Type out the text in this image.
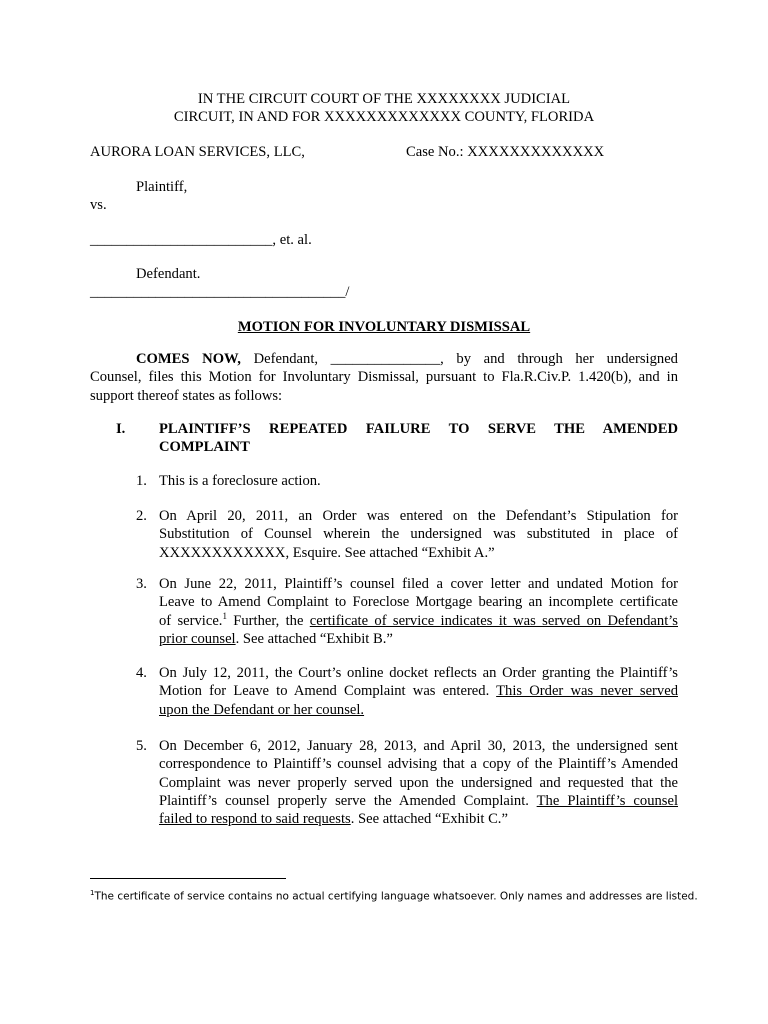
IN THE CIRCUIT COURT OF THE XXXXXXXX JUDICIAL
CIRCUIT, IN AND FOR XXXXXXXXXXXXX COUNTY, FLORIDA
AURORA LOAN SERVICES, LLC,	Case No.: XXXXXXXXXXXXX
Plaintiff,
vs.
_________________________, et. al.
Defendant.
___________________________________/
MOTION FOR INVOLUNTARY DISMISSAL
COMES NOW, Defendant, _______________, by and through her undersigned
Counsel, files this Motion for Involuntary Dismissal, pursuant to Fla.R.Civ.P. 1.420(b), and in
support thereof states as follows:
I. PLAINTIFF’S REPEATED FAILURE TO SERVE THE AMENDED
COMPLAINT
1. This is a foreclosure action.
2. On April 20, 2011, an Order was entered on the Defendant’s Stipulation for
Substitution of Counsel wherein the undersigned was substituted in place of
XXXXXXXXXXXX, Esquire. See attached “Exhibit A.”
3. On June 22, 2011, Plaintiff’s counsel filed a cover letter and undated Motion for
Leave to Amend Complaint to Foreclose Mortgage bearing an incomplete certificate
of service.$^1$ Further, the certificate of service indicates it was served on Defendant’s
prior counsel. See attached “Exhibit B.”
4. On July 12, 2011, the Court’s online docket reflects an Order granting the Plaintiff’s
Motion for Leave to Amend Complaint was entered. This Order was never served
upon the Defendant or her counsel.
5. On December 6, 2012, January 28, 2013, and April 30, 2013, the undersigned sent
correspondence to Plaintiff’s counsel advising that a copy of the Plaintiff’s Amended
Complaint was never properly served upon the undersigned and requested that the
Plaintiff’s counsel properly serve the Amended Complaint. The Plaintiff’s counsel
failed to respond to said requests. See attached “Exhibit C.”
$^1$The certificate of service contains no actual certifying language whatsoever. Only names and addresses are listed.
